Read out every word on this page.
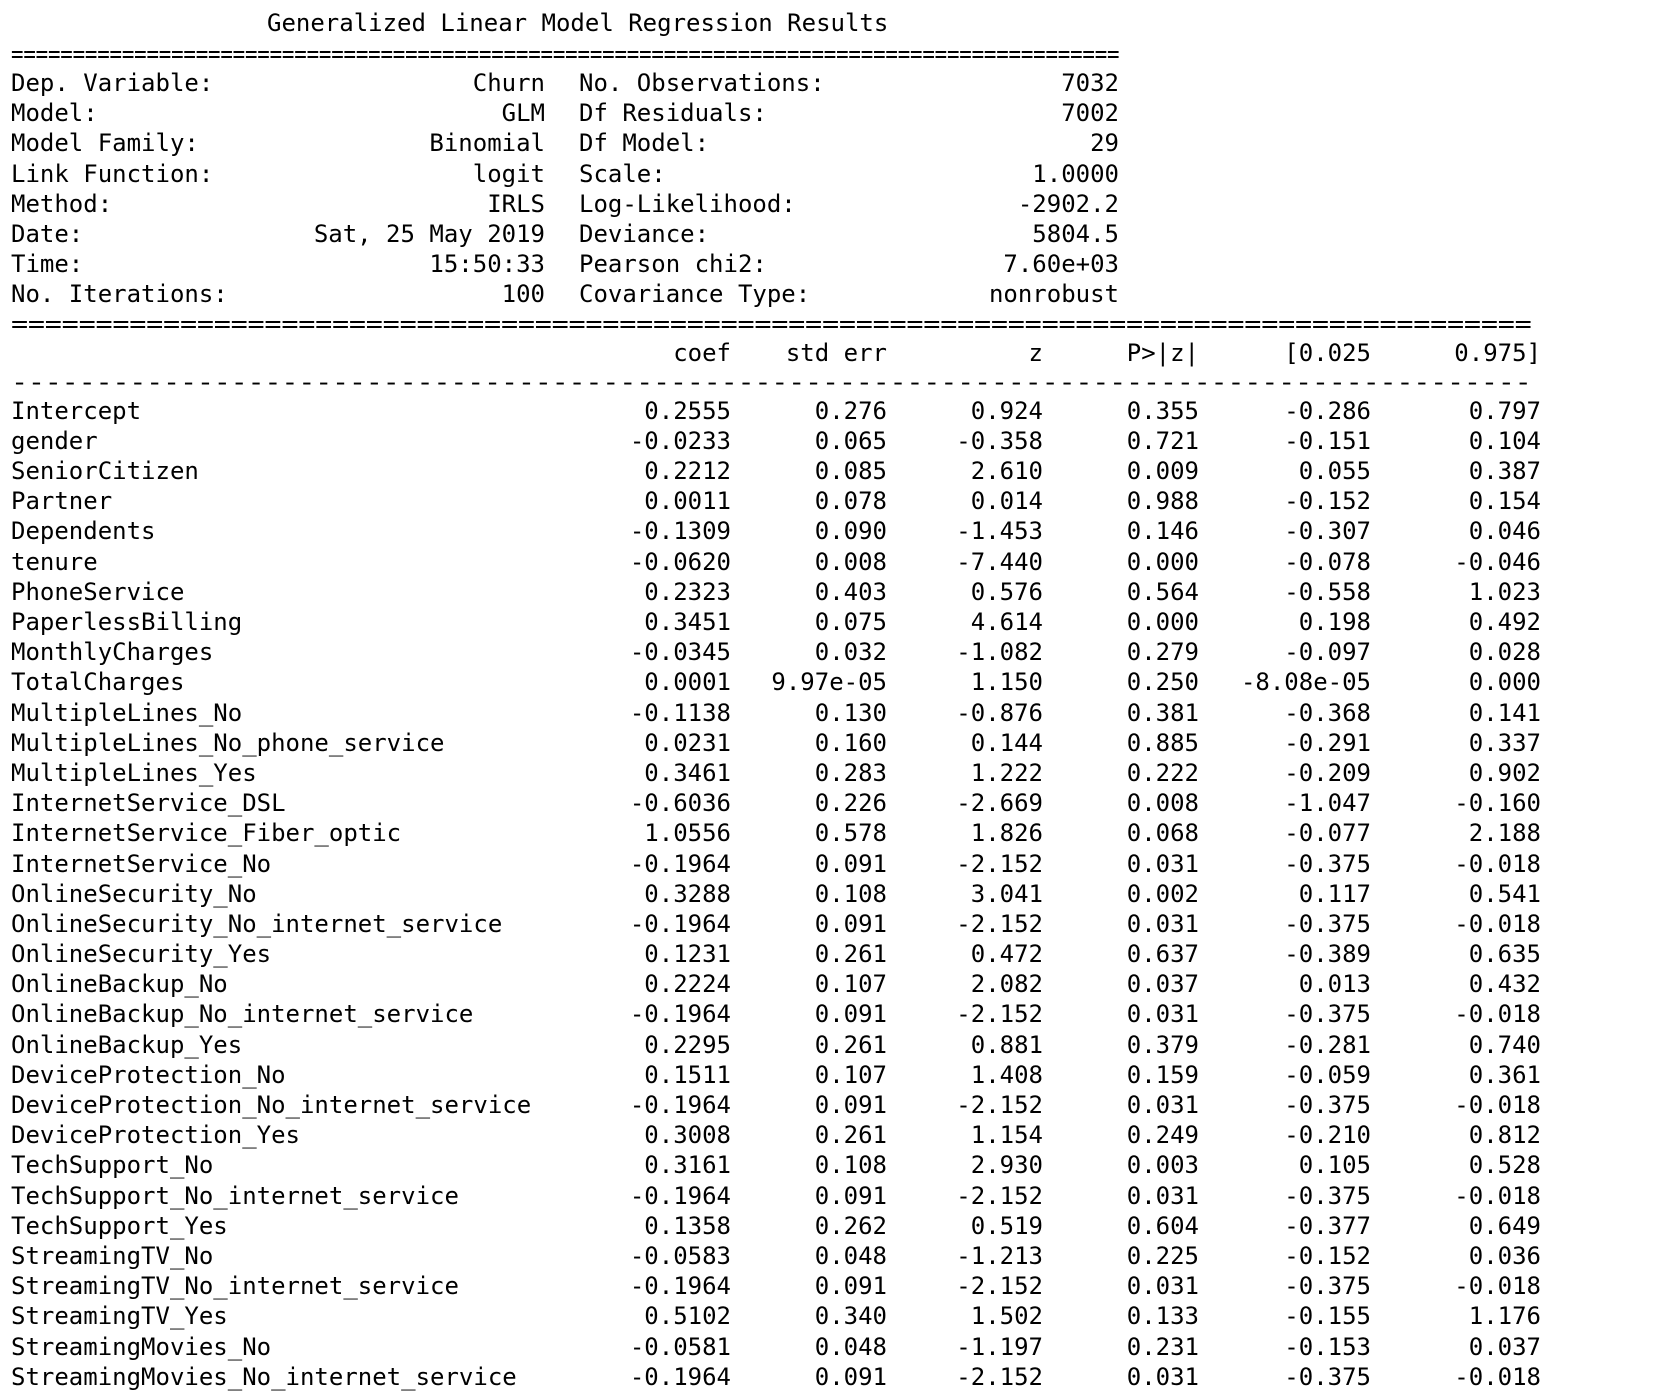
Generalized Linear Model Regression Results

==========================================================================================
Dep. Variable:	Churn No. Observations:	7032
Model:	GLM Df Residuals:	7002
Model Family:	Binomial Df Model:	29
Link Function:	logit Scale:	1.0000
Method:	IRLS Log-Likelihood:	-2902.2
Date:	Sat, 25 May 2019 Deviance:	5804.5
Time:	15:50:33 Pearson chi2:	7.60e+03
No. Iterations:	100 Covariance Type:	nonrobust
==========================================================================================
coef	std err	z	P>|z|	[0.025	0.975]
------------------------------------------------------------------------------------------
Intercept	0.2555	0.276	0.924	0.355	-0.286	0.797
gender	-0.0233	0.065	-0.358	0.721	-0.151	0.104
SeniorCitizen	0.2212	0.085	2.610	0.009	0.055	0.387
Partner	0.0011	0.078	0.014	0.988	-0.152	0.154
Dependents	-0.1309	0.090	-1.453	0.146	-0.307	0.046
tenure	-0.0620	0.008	-7.440	0.000	-0.078	-0.046
PhoneService	0.2323	0.403	0.576	0.564	-0.558	1.023
PaperlessBilling	0.3451	0.075	4.614	0.000	0.198	0.492
MonthlyCharges	-0.0345	0.032	-1.082	0.279	-0.097	0.028
TotalCharges	0.0001	9.97e-05	1.150	0.250	-8.08e-05	0.000
MultipleLines_No	-0.1138	0.130	-0.876	0.381	-0.368	0.141
MultipleLines_No_phone_service	0.0231	0.160	0.144	0.885	-0.291	0.337
MultipleLines_Yes	0.3461	0.283	1.222	0.222	-0.209	0.902
InternetService_DSL	-0.6036	0.226	-2.669	0.008	-1.047	-0.160
InternetService_Fiber_optic	1.0556	0.578	1.826	0.068	-0.077	2.188
InternetService_No	-0.1964	0.091	-2.152	0.031	-0.375	-0.018
OnlineSecurity_No	0.3288	0.108	3.041	0.002	0.117	0.541
OnlineSecurity_No_internet_service	-0.1964	0.091	-2.152	0.031	-0.375	-0.018
OnlineSecurity_Yes	0.1231	0.261	0.472	0.637	-0.389	0.635
OnlineBackup_No	0.2224	0.107	2.082	0.037	0.013	0.432
OnlineBackup_No_internet_service	-0.1964	0.091	-2.152	0.031	-0.375	-0.018
OnlineBackup_Yes	0.2295	0.261	0.881	0.379	-0.281	0.740
DeviceProtection_No	0.1511	0.107	1.408	0.159	-0.059	0.361
DeviceProtection_No_internet_service	-0.1964	0.091	-2.152	0.031	-0.375	-0.018
DeviceProtection_Yes	0.3008	0.261	1.154	0.249	-0.210	0.812
TechSupport_No	0.3161	0.108	2.930	0.003	0.105	0.528
TechSupport_No_internet_service	-0.1964	0.091	-2.152	0.031	-0.375	-0.018
TechSupport_Yes	0.1358	0.262	0.519	0.604	-0.377	0.649
StreamingTV_No	-0.0583	0.048	-1.213	0.225	-0.152	0.036
StreamingTV_No_internet_service	-0.1964	0.091	-2.152	0.031	-0.375	-0.018
StreamingTV_Yes	0.5102	0.340	1.502	0.133	-0.155	1.176
StreamingMovies_No	-0.0581	0.048	-1.197	0.231	-0.153	0.037
StreamingMovies_No_internet_service	-0.1964	0.091	-2.152	0.031	-0.375	-0.018
